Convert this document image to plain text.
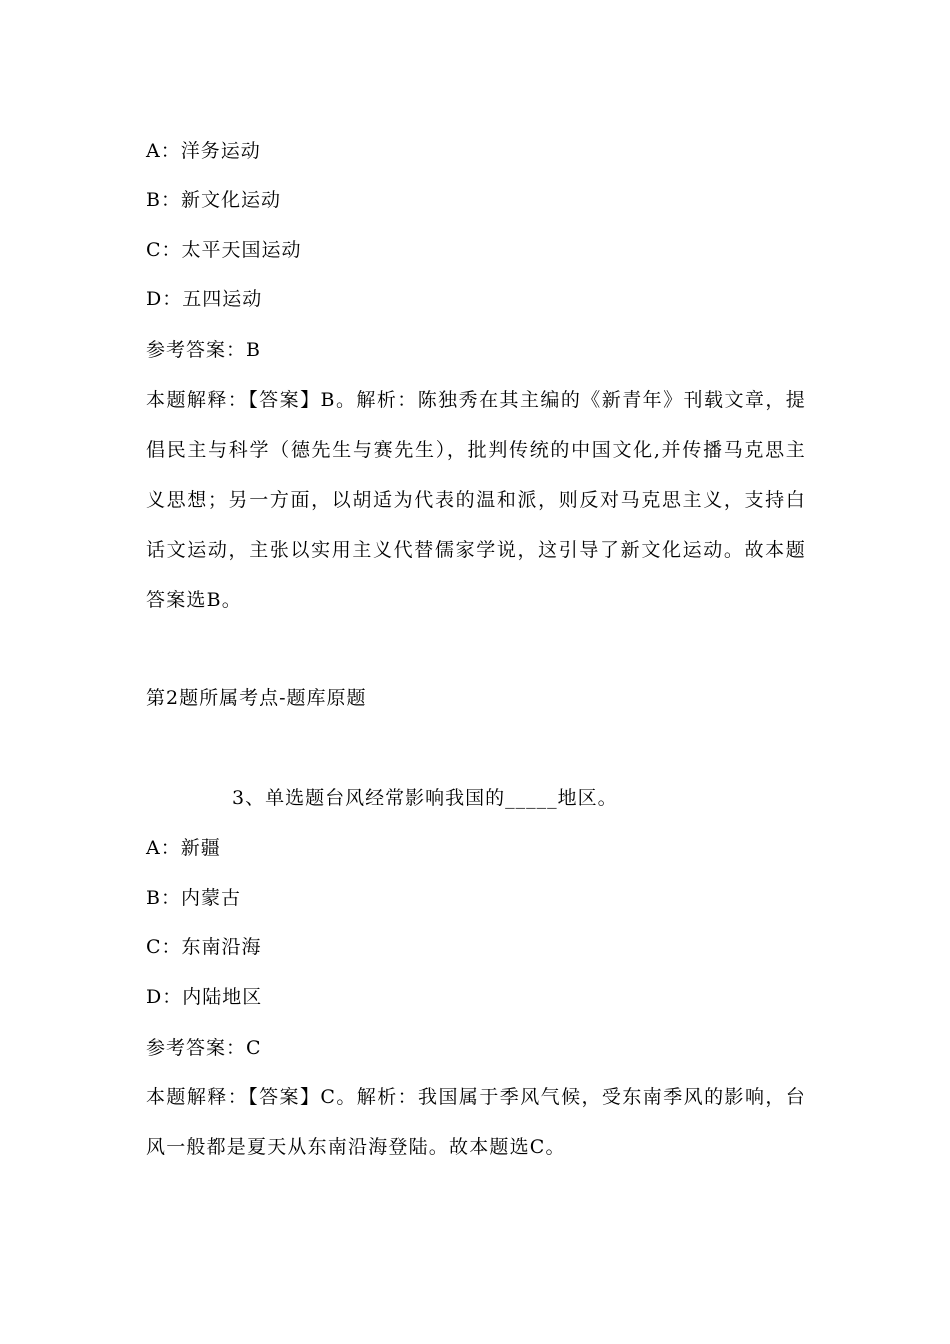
A：洋务运动
B：新文化运动
C：太平天国运动
D：五四运动
参考答案：B
本题解释：【答案】B。解析：陈独秀在其主编的《新青年》刊载文章，提倡民主与科学（德先生与赛先生），批判传统的中国文化,并传播马克思主义思想；另一方面，以胡适为代表的温和派，则反对马克思主义，支持白话文运动，主张以实用主义代替儒家学说，这引导了新文化运动。故本题答案选B。
第2题所属考点-题库原题
3、单选题台风经常影响我国的_____地区。
A：新疆
B：内蒙古
C：东南沿海
D：内陆地区
参考答案：C
本题解释：【答案】C。解析：我国属于季风气候，受东南季风的影响，台风一般都是夏天从东南沿海登陆。故本题选C。
